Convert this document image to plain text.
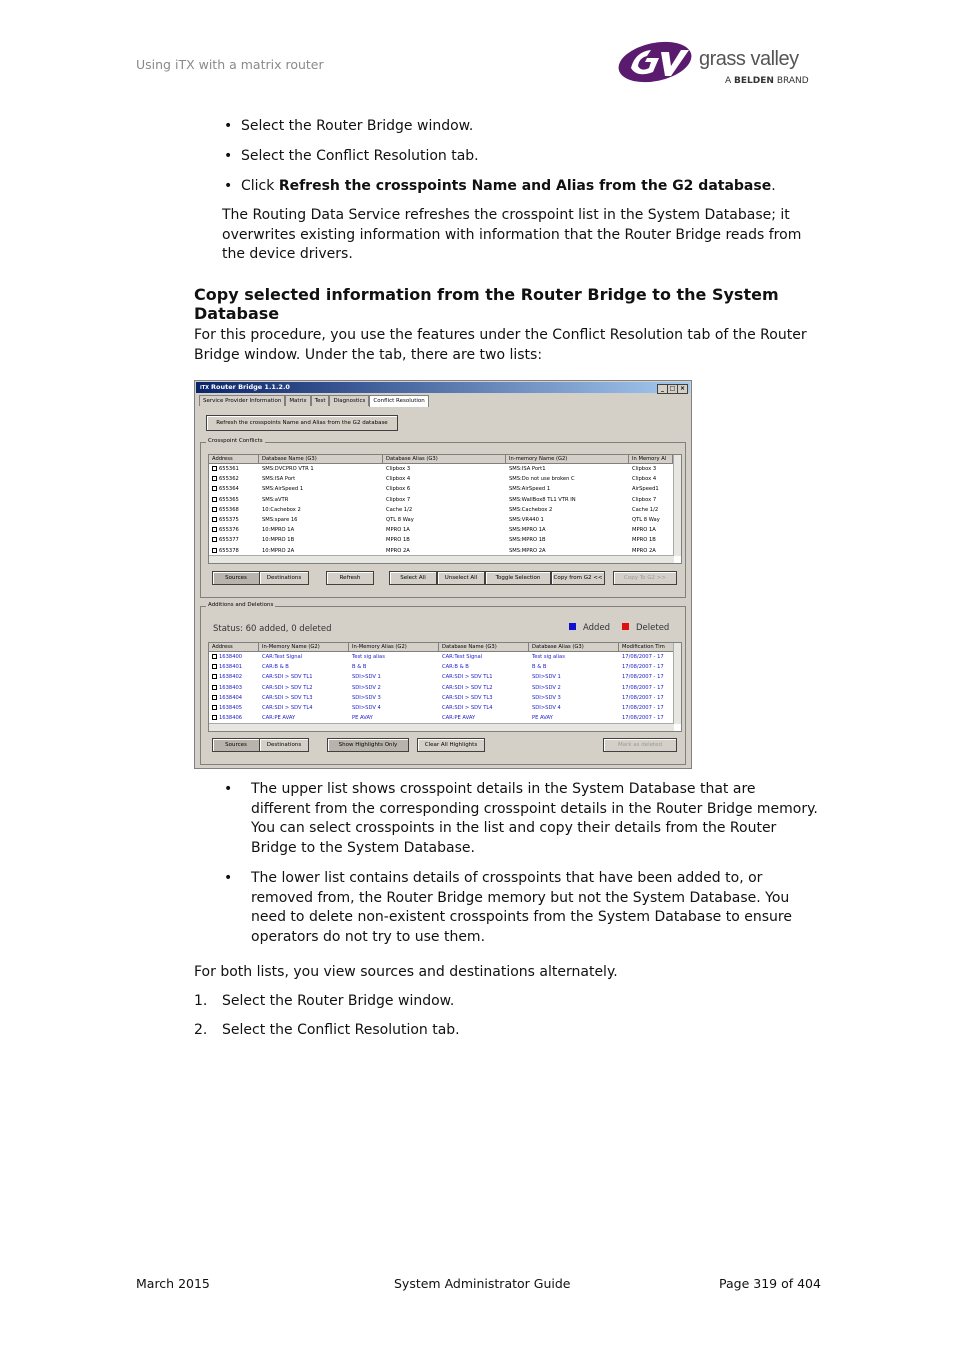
Using iTX with a matrix router	grass valley
A BELDEN BRAND
• Select the Router Bridge window.
• Select the Conflict Resolution tab.
• Click Refresh the crosspoints Name and Alias from the G2 database.

The Routing Data Service refreshes the crosspoint list in the System Database; it overwrites existing information with information that the Router Bridge reads from the device drivers.

Copy selected information from the Router Bridge to the System Database

For this procedure, you use the features under the Conflict Resolution tab of the Router Bridge window. Under the tab, there are two lists:

iTX Router Bridge 1.1.2.0	_ □ ×
Service Provider Information	Matrix	Test	Diagnostics	Conflict Resolution
Refresh the crosspoints Name and Alias from the G2 database
Crosspoint Conflicts
Address	Database Name (G3)	Database Alias (G3)	In-memory Name (G2)	In Memory Al
655361	SMS:DVCPRO VTR 1	Clipbox 3	SMS:ISA Port1	Clipbox 3
655362	SMS:ISA Port	Clipbox 4	SMS:Do not use broken C	Clipbox 4
655364	SMS:AirSpeed 1	Clipbox 6	SMS:AirSpeed 1	AirSpeed1
655365	SMS:aVTR	Clipbox 7	SMS:WallBox8 TL1 VTR IN	Clipbox 7
655368	10:Cachebox 2	Cache 1/2	SMS:Cachebox 2	Cache 1/2
655375	SMS:spare 16	QTL 8 Way	SMS:VR440 1	QTL 8 Way
655376	10:MPRO 1A	MPRO 1A	SMS:MPRO 1A	MPRO 1A
655377	10:MPRO 1B	MPRO 1B	SMS:MPRO 1B	MPRO 1B
655378	10:MPRO 2A	MPRO 2A	SMS:MPRO 2A	MPRO 2A
Sources	Destinations	Refresh	Select All	Unselect All	Toggle Selection	Copy from G2 <<	Copy To G2 >>
Additions and Deletions
Status: 60 added, 0 deleted	Added	Deleted
Address	In-Memory Name (G2)	In-Memory Alias (G2)	Database Name (G3)	Database Alias (G3)	Modification Tim
1638400	CAR:Test Signal	Test sig alias	CAR:Test Signal	Test sig alias	17/08/2007 - 17
1638401	CAR:B & B	B & B	CAR:B & B	B & B	17/08/2007 - 17
1638402	CAR:SDI > SDV TL1	SDI>SDV 1	CAR:SDI > SDV TL1	SDI>SDV 1	17/08/2007 - 17
1638403	CAR:SDI > SDV TL2	SDI>SDV 2	CAR:SDI > SDV TL2	SDI>SDV 2	17/08/2007 - 17
1638404	CAR:SDI > SDV TL3	SDI>SDV 3	CAR:SDI > SDV TL3	SDI>SDV 3	17/08/2007 - 17
1638405	CAR:SDI > SDV TL4	SDI>SDV 4	CAR:SDI > SDV TL4	SDI>SDV 4	17/08/2007 - 17
1638406	CAR:PE AVAY	PE AVAY	CAR:PE AVAY	PE AVAY	17/08/2007 - 17
Sources	Destinations	Show Highlights Only	Clear All Highlights	Mark as deleted
• The upper list shows crosspoint details in the System Database that are different from the corresponding crosspoint details in the Router Bridge memory. You can select crosspoints in the list and copy their details from the Router Bridge to the System Database.
• The lower list contains details of crosspoints that have been added to, or removed from, the Router Bridge memory but not the System Database. You need to delete non-existent crosspoints from the System Database to ensure operators do not try to use them.

For both lists, you view sources and destinations alternately.

1. Select the Router Bridge window.
2. Select the Conflict Resolution tab.
March 2015	System Administrator Guide	Page 319 of 404
